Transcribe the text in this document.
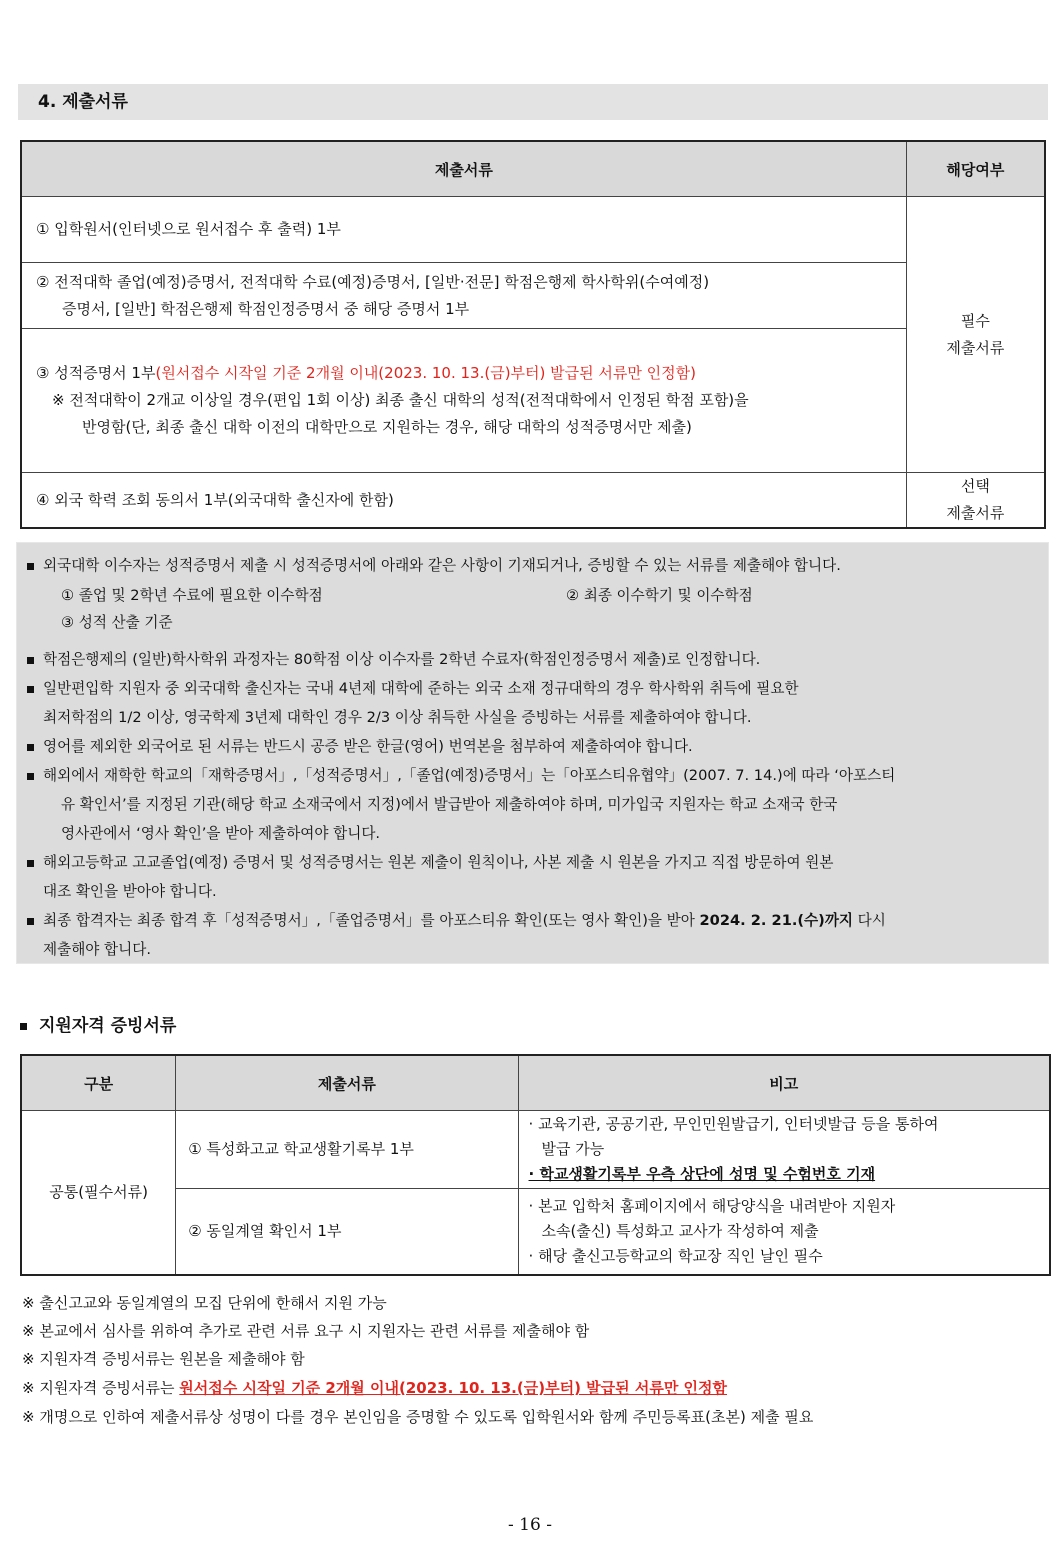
4. 제출서류
제출서류	해당여부
① 입학원서(인터넷으로 원서접수 후 출력) 1부	필수
제출서류

② 전적대학 졸업(예정)증명서, 전적대학 수료(예정)증명서, [일반·전문] 학점은행제 학사학위(수여예정)
증명서, [일반] 학점은행제 학점인정증명서 중 해당 증명서 1부	

③ 성적증명서 1부(원서접수 시작일 기준 2개월 이내(2023. 10. 13.(금)부터) 발급된 서류만 인정함)
※ 전적대학이 2개교 이상일 경우(편입 1회 이상) 최종 출신 대학의 성적(전적대학에서 인정된 학점 포함)을
반영함(단, 최종 출신 대학 이전의 대학만으로 지원하는 경우, 해당 대학의 성적증명서만 제출)	

④ 외국 학력 조회 동의서 1부(외국대학 출신자에 한함)	선택
제출서류
외국대학 이수자는 성적증명서 제출 시 성적증명서에 아래와 같은 사항이 기재되거나, 증빙할 수 있는 서류를 제출해야 합니다.
① 졸업 및 2학년 수료에 필요한 이수학점	② 최종 이수학기 및 이수학점
③ 성적 산출 기준
학점은행제의 (일반)학사학위 과정자는 80학점 이상 이수자를 2학년 수료자(학점인정증명서 제출)로 인정합니다.
일반편입학 지원자 중 외국대학 출신자는 국내 4년제 대학에 준하는 외국 소재 정규대학의 경우 학사학위 취득에 필요한
최저학점의 1/2 이상, 영국학제 3년제 대학인 경우 2/3 이상 취득한 사실을 증빙하는 서류를 제출하여야 합니다.
영어를 제외한 외국어로 된 서류는 반드시 공증 받은 한글(영어) 번역본을 첨부하여 제출하여야 합니다.
해외에서 재학한 학교의「재학증명서」,「성적증명서」,「졸업(예정)증명서」는「아포스티유협약」(2007. 7. 14.)에 따라 ‘아포스티
유 확인서’를 지정된 기관(해당 학교 소재국에서 지정)에서 발급받아 제출하여야 하며, 미가입국 지원자는 학교 소재국 한국
영사관에서 ‘영사 확인’을 받아 제출하여야 합니다.
해외고등학교 고교졸업(예정) 증명서 및 성적증명서는 원본 제출이 원칙이나, 사본 제출 시 원본을 가지고 직접 방문하여 원본
대조 확인을 받아야 합니다.
최종 합격자는 최종 합격 후「성적증명서」,「졸업증명서」를 아포스티유 확인(또는 영사 확인)을 받아 2024. 2. 21.(수)까지 다시
제출해야 합니다.
지원자격 증빙서류
구분	제출서류	비고
공통(필수서류)	① 특성화고교 학교생활기록부 1부	· 교육기관, 공공기관, 무인민원발급기, 인터넷발급 등을 통하여
발급 가능
· 학교생활기록부 우측 상단에 성명 및 수험번호 기재

	② 동일계열 확인서 1부	· 본교 입학처 홈페이지에서 해당양식을 내려받아 지원자
소속(출신) 특성화고 교사가 작성하여 제출
· 해당 출신고등학교의 학교장 직인 날인 필수
※ 출신고교와 동일계열의 모집 단위에 한해서 지원 가능
※ 본교에서 심사를 위하여 추가로 관련 서류 요구 시 지원자는 관련 서류를 제출해야 함
※ 지원자격 증빙서류는 원본을 제출해야 함
※ 지원자격 증빙서류는 원서접수 시작일 기준 2개월 이내(2023. 10. 13.(금)부터) 발급된 서류만 인정함
※ 개명으로 인하여 제출서류상 성명이 다를 경우 본인임을 증명할 수 있도록 입학원서와 함께 주민등록표(초본) 제출 필요
- 16 -
